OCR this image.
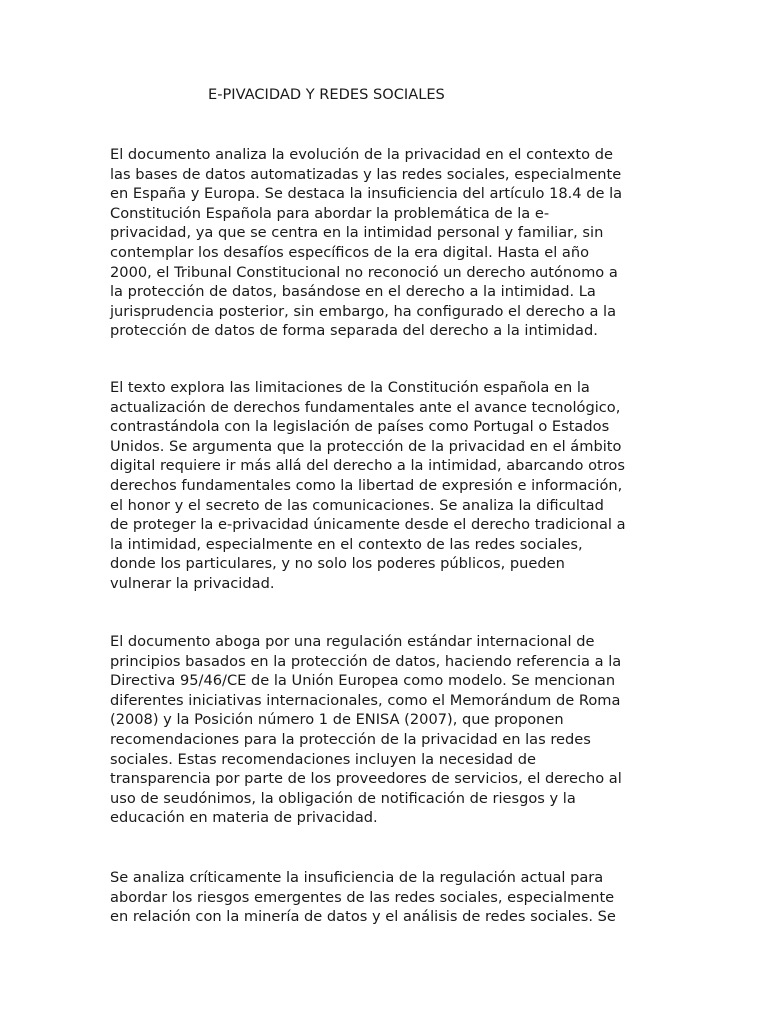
E-PIVACIDAD Y REDES SOCIALES

El documento analiza la evolución de la privacidad en el contexto de
las bases de datos automatizadas y las redes sociales, especialmente
en España y Europa. Se destaca la insuficiencia del artículo 18.4 de la
Constitución Española para abordar la problemática de la e-
privacidad, ya que se centra en la intimidad personal y familiar, sin
contemplar los desafíos específicos de la era digital. Hasta el año
2000, el Tribunal Constitucional no reconoció un derecho autónomo a
la protección de datos, basándose en el derecho a la intimidad. La
jurisprudencia posterior, sin embargo, ha configurado el derecho a la
protección de datos de forma separada del derecho a la intimidad.

El texto explora las limitaciones de la Constitución española en la
actualización de derechos fundamentales ante el avance tecnológico,
contrastándola con la legislación de países como Portugal o Estados
Unidos. Se argumenta que la protección de la privacidad en el ámbito
digital requiere ir más allá del derecho a la intimidad, abarcando otros
derechos fundamentales como la libertad de expresión e información,
el honor y el secreto de las comunicaciones. Se analiza la dificultad
de proteger la e-privacidad únicamente desde el derecho tradicional a
la intimidad, especialmente en el contexto de las redes sociales,
donde los particulares, y no solo los poderes públicos, pueden
vulnerar la privacidad.

El documento aboga por una regulación estándar internacional de
principios basados en la protección de datos, haciendo referencia a la
Directiva 95/46/CE de la Unión Europea como modelo. Se mencionan
diferentes iniciativas internacionales, como el Memorándum de Roma
(2008) y la Posición número 1 de ENISA (2007), que proponen
recomendaciones para la protección de la privacidad en las redes
sociales. Estas recomendaciones incluyen la necesidad de
transparencia por parte de los proveedores de servicios, el derecho al
uso de seudónimos, la obligación de notificación de riesgos y la
educación en materia de privacidad.

Se analiza críticamente la insuficiencia de la regulación actual para
abordar los riesgos emergentes de las redes sociales, especialmente
en relación con la minería de datos y el análisis de redes sociales. Se
